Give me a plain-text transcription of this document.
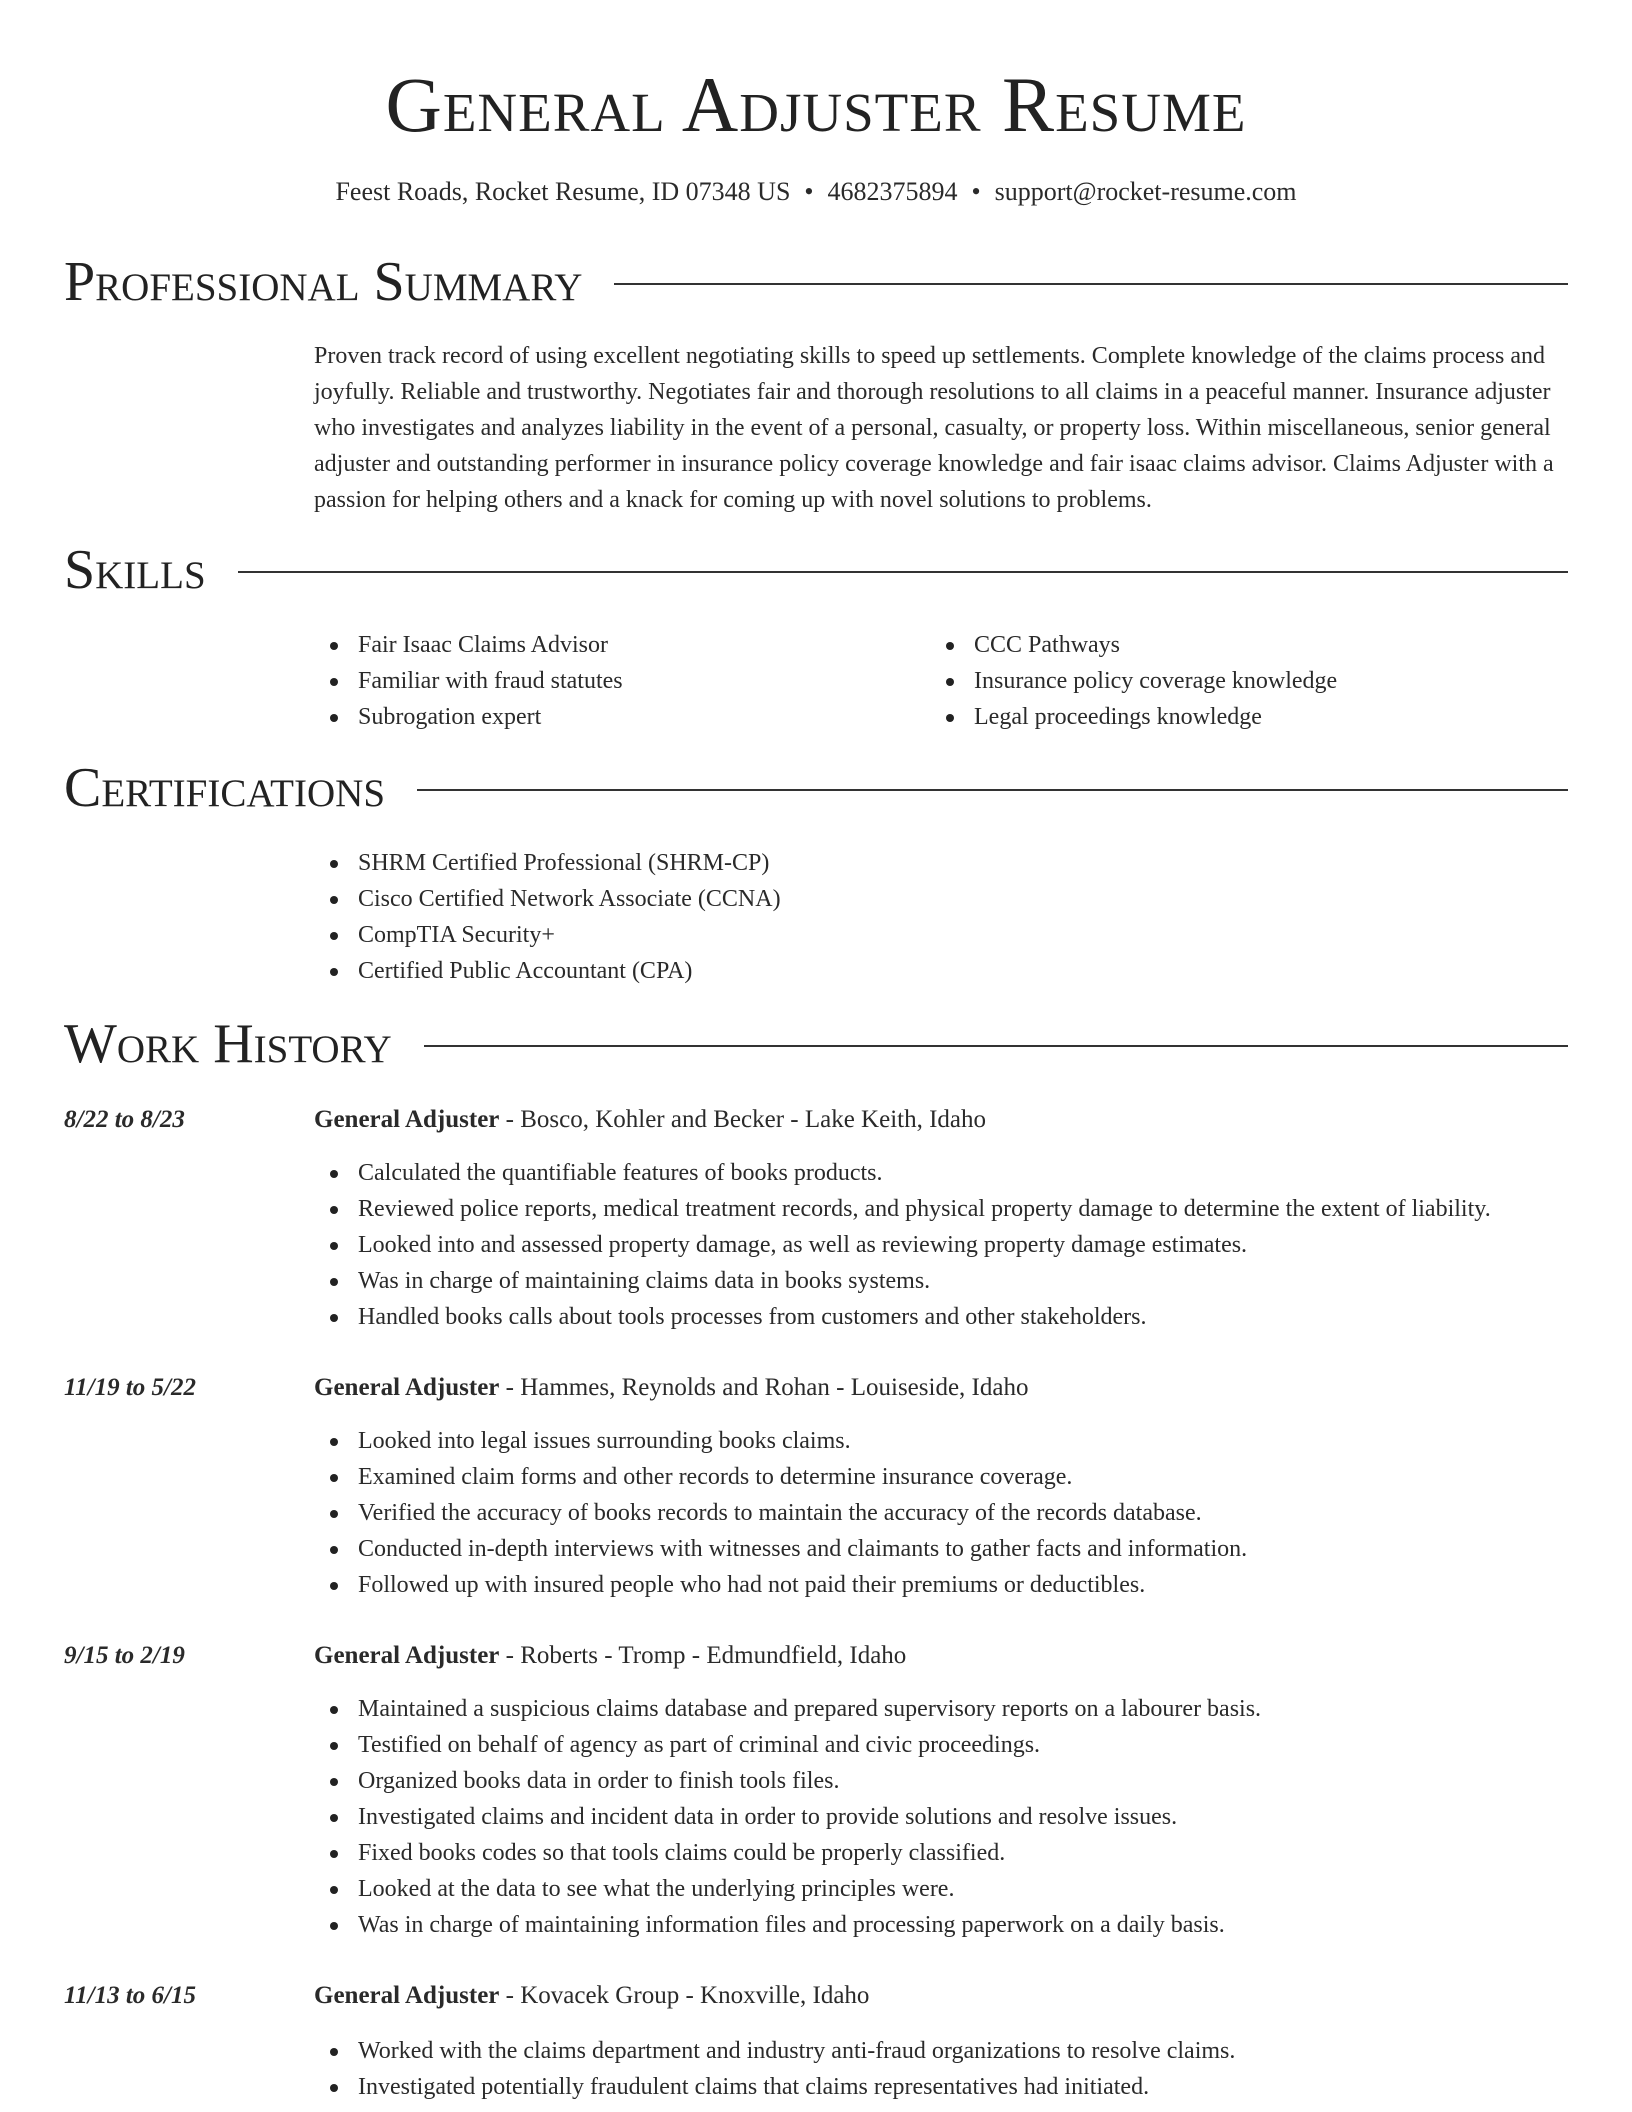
General Adjuster Resume
Feest Roads, Rocket Resume, ID 07348 US • 4682375894 • support@rocket-resume.com
Professional Summary

Proven track record of using excellent negotiating skills to speed up settlements. Complete knowledge of the claims process and joyfully. Reliable and trustworthy. Negotiates fair and thorough resolutions to all claims in a peaceful manner. Insurance adjuster who investigates and analyzes liability in the event of a personal, casualty, or property loss. Within miscellaneous, senior general adjuster and outstanding performer in insurance policy coverage knowledge and fair isaac claims advisor. Claims Adjuster with a passion for helping others and a knack for coming up with novel solutions to problems.

Skills
Fair Isaac Claims Advisor
Familiar with fraud statutes
Subrogation expert
CCC Pathways
Insurance policy coverage knowledge
Legal proceedings knowledge
Certifications
SHRM Certified Professional (SHRM-CP)
Cisco Certified Network Associate (CCNA)
CompTIA Security+
Certified Public Accountant (CPA)
Work History
8/22 to 8/23	General Adjuster - Bosco, Kohler and Becker - Lake Keith, Idaho
Calculated the quantifiable features of books products.
Reviewed police reports, medical treatment records, and physical property damage to determine the extent of liability.
Looked into and assessed property damage, as well as reviewing property damage estimates.
Was in charge of maintaining claims data in books systems.
Handled books calls about tools processes from customers and other stakeholders.
11/19 to 5/22	General Adjuster - Hammes, Reynolds and Rohan - Louiseside, Idaho
Looked into legal issues surrounding books claims.
Examined claim forms and other records to determine insurance coverage.
Verified the accuracy of books records to maintain the accuracy of the records database.
Conducted in-depth interviews with witnesses and claimants to gather facts and information.
Followed up with insured people who had not paid their premiums or deductibles.
9/15 to 2/19	General Adjuster - Roberts - Tromp - Edmundfield, Idaho
Maintained a suspicious claims database and prepared supervisory reports on a labourer basis.
Testified on behalf of agency as part of criminal and civic proceedings.
Organized books data in order to finish tools files.
Investigated claims and incident data in order to provide solutions and resolve issues.
Fixed books codes so that tools claims could be properly classified.
Looked at the data to see what the underlying principles were.
Was in charge of maintaining information files and processing paperwork on a daily basis.
11/13 to 6/15	General Adjuster - Kovacek Group - Knoxville, Idaho
Worked with the claims department and industry anti-fraud organizations to resolve claims.
Investigated potentially fraudulent claims that claims representatives had initiated.
